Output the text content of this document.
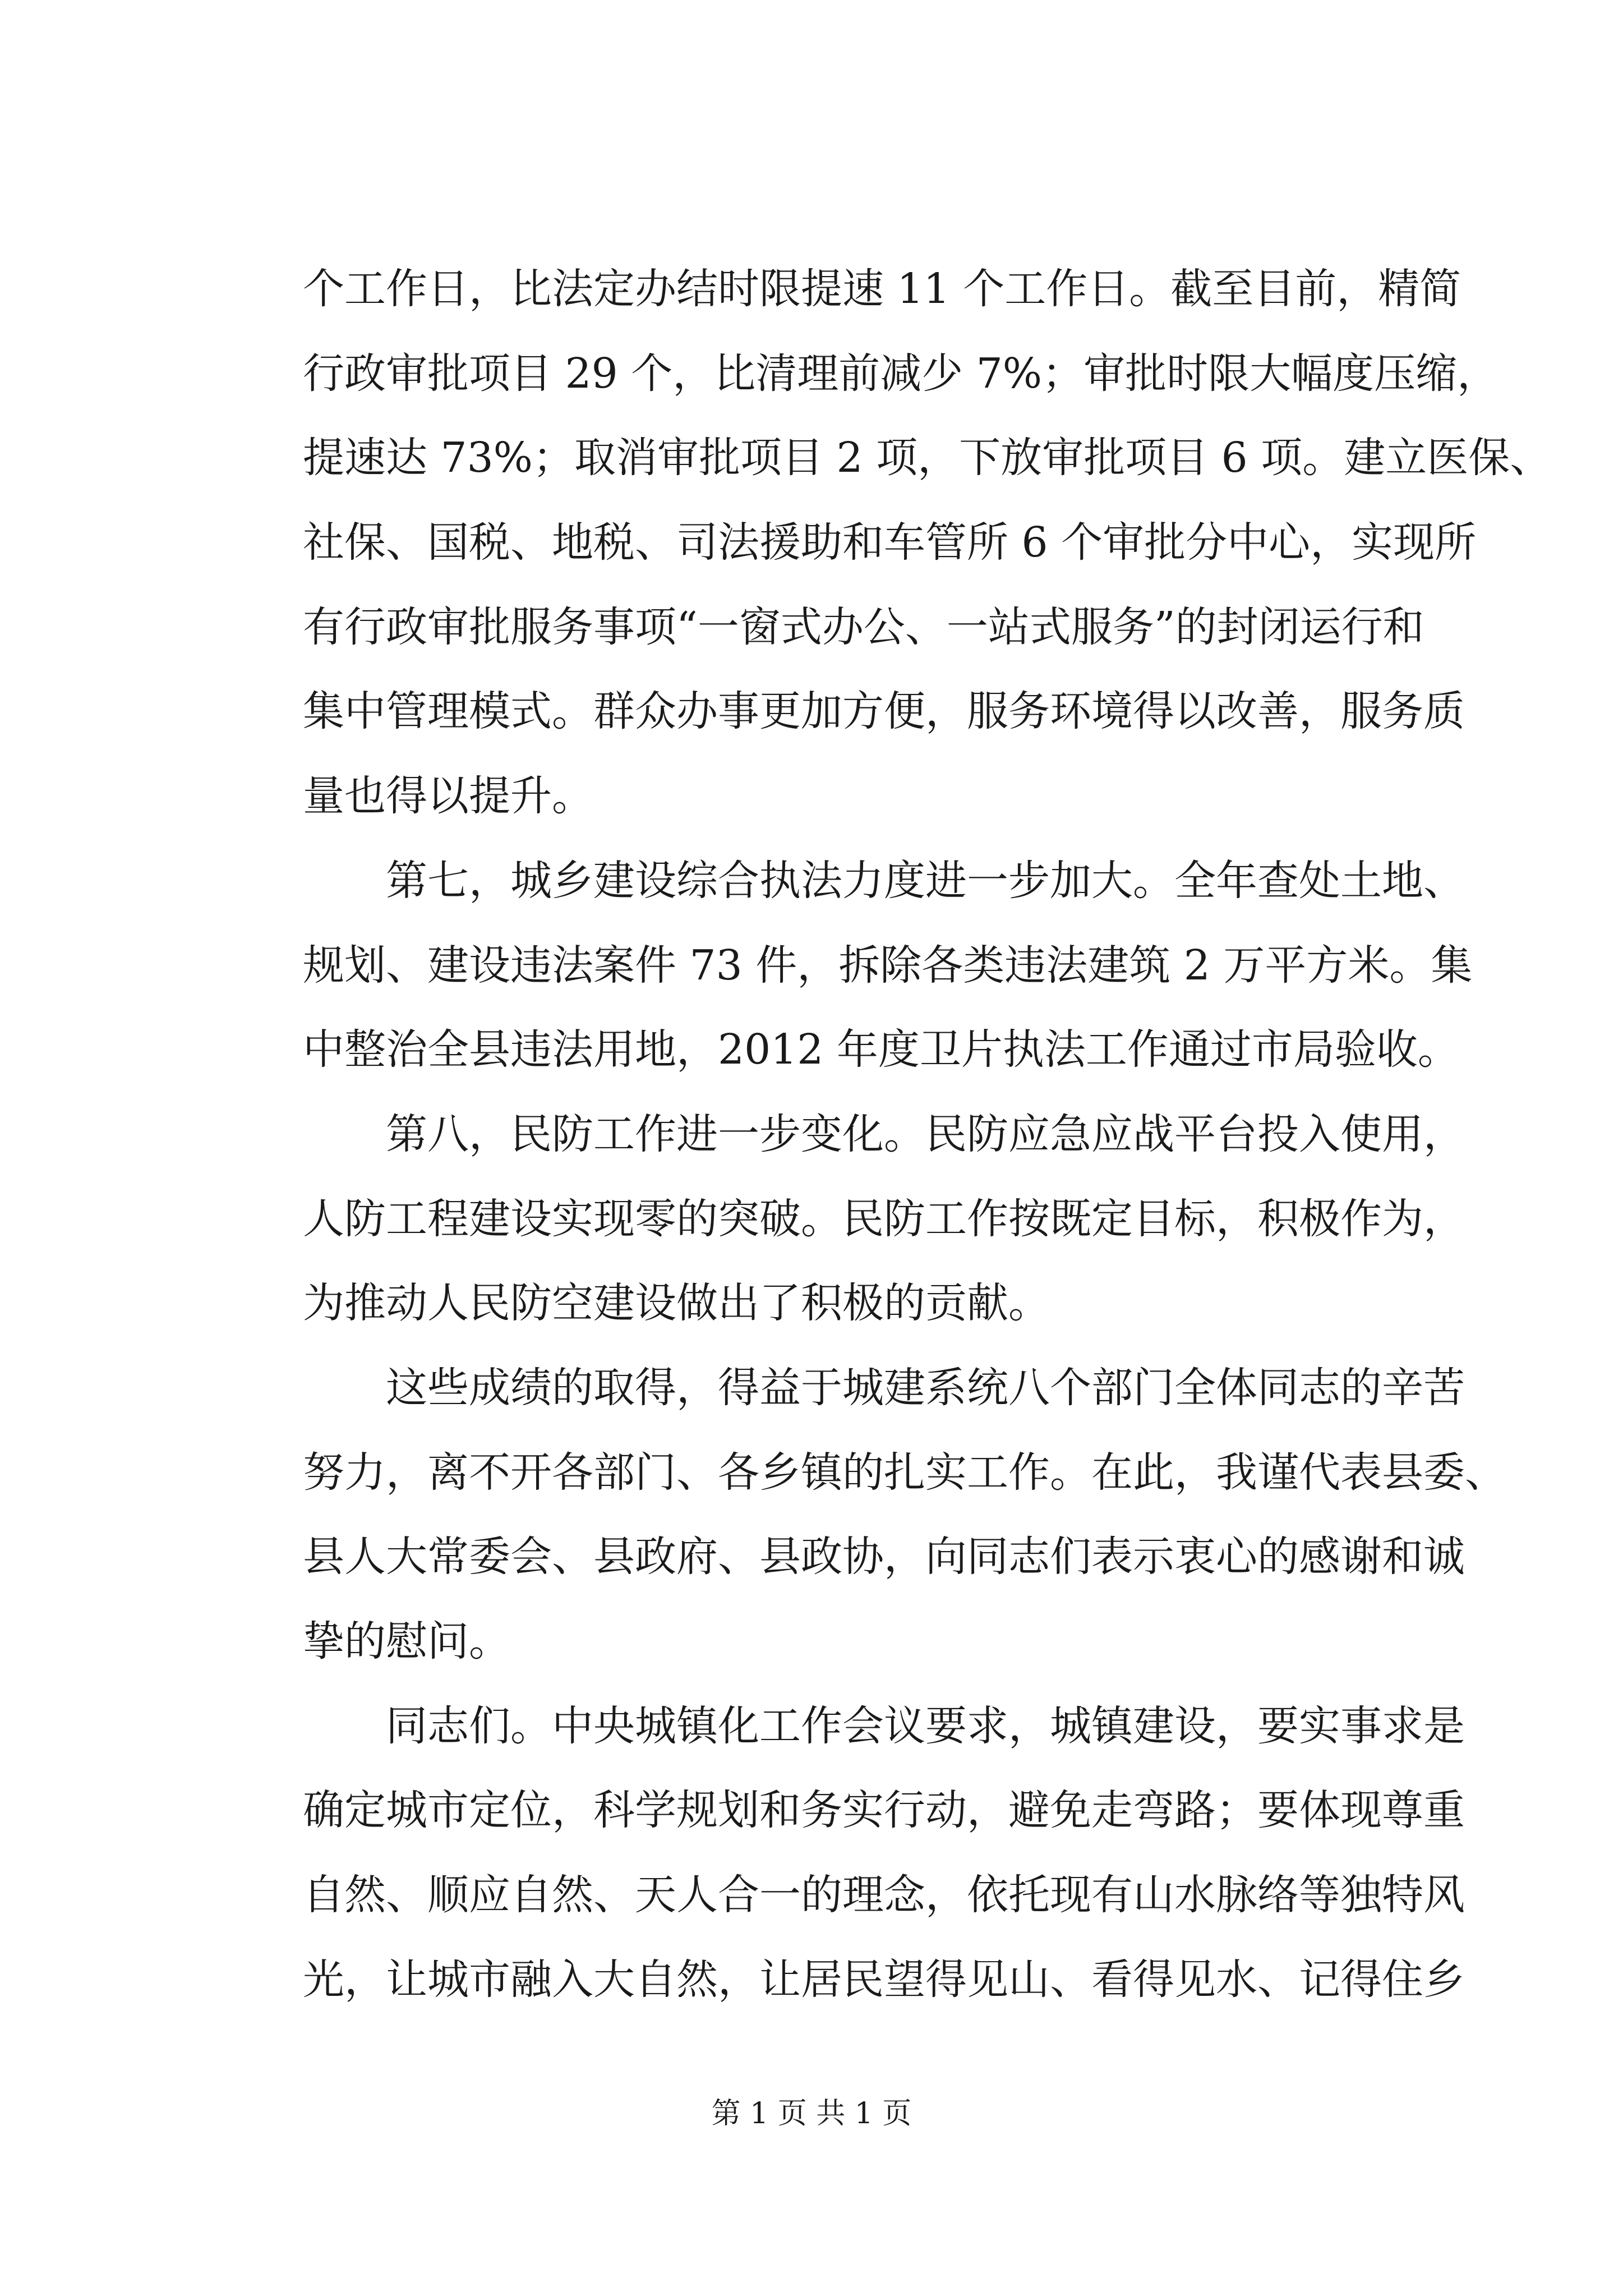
个工作日，比法定办结时限提速 11 个工作日。截至目前，精简
行政审批项目 29 个，比清理前减少 7%；审批时限大幅度压缩，
提速达 73%；取消审批项目 2 项，下放审批项目 6 项。建立医保、
社保、国税、地税、司法援助和车管所 6 个审批分中心，实现所
有行政审批服务事项“一窗式办公、一站式服务”的封闭运行和
集中管理模式。群众办事更加方便，服务环境得以改善，服务质
量也得以提升。
第七，城乡建设综合执法力度进一步加大。全年查处土地、
规划、建设违法案件 73 件，拆除各类违法建筑 2 万平方米。集
中整治全县违法用地，2012 年度卫片执法工作通过市局验收。
第八，民防工作进一步变化。民防应急应战平台投入使用，
人防工程建设实现零的突破。民防工作按既定目标，积极作为，
为推动人民防空建设做出了积极的贡献。
这些成绩的取得，得益于城建系统八个部门全体同志的辛苦
努力，离不开各部门、各乡镇的扎实工作。在此，我谨代表县委、
县人大常委会、县政府、县政协，向同志们表示衷心的感谢和诚
挚的慰问。
同志们。中央城镇化工作会议要求，城镇建设，要实事求是
确定城市定位，科学规划和务实行动，避免走弯路；要体现尊重
自然、顺应自然、天人合一的理念，依托现有山水脉络等独特风
光，让城市融入大自然，让居民望得见山、看得见水、记得住乡
第 1 页 共 1 页
